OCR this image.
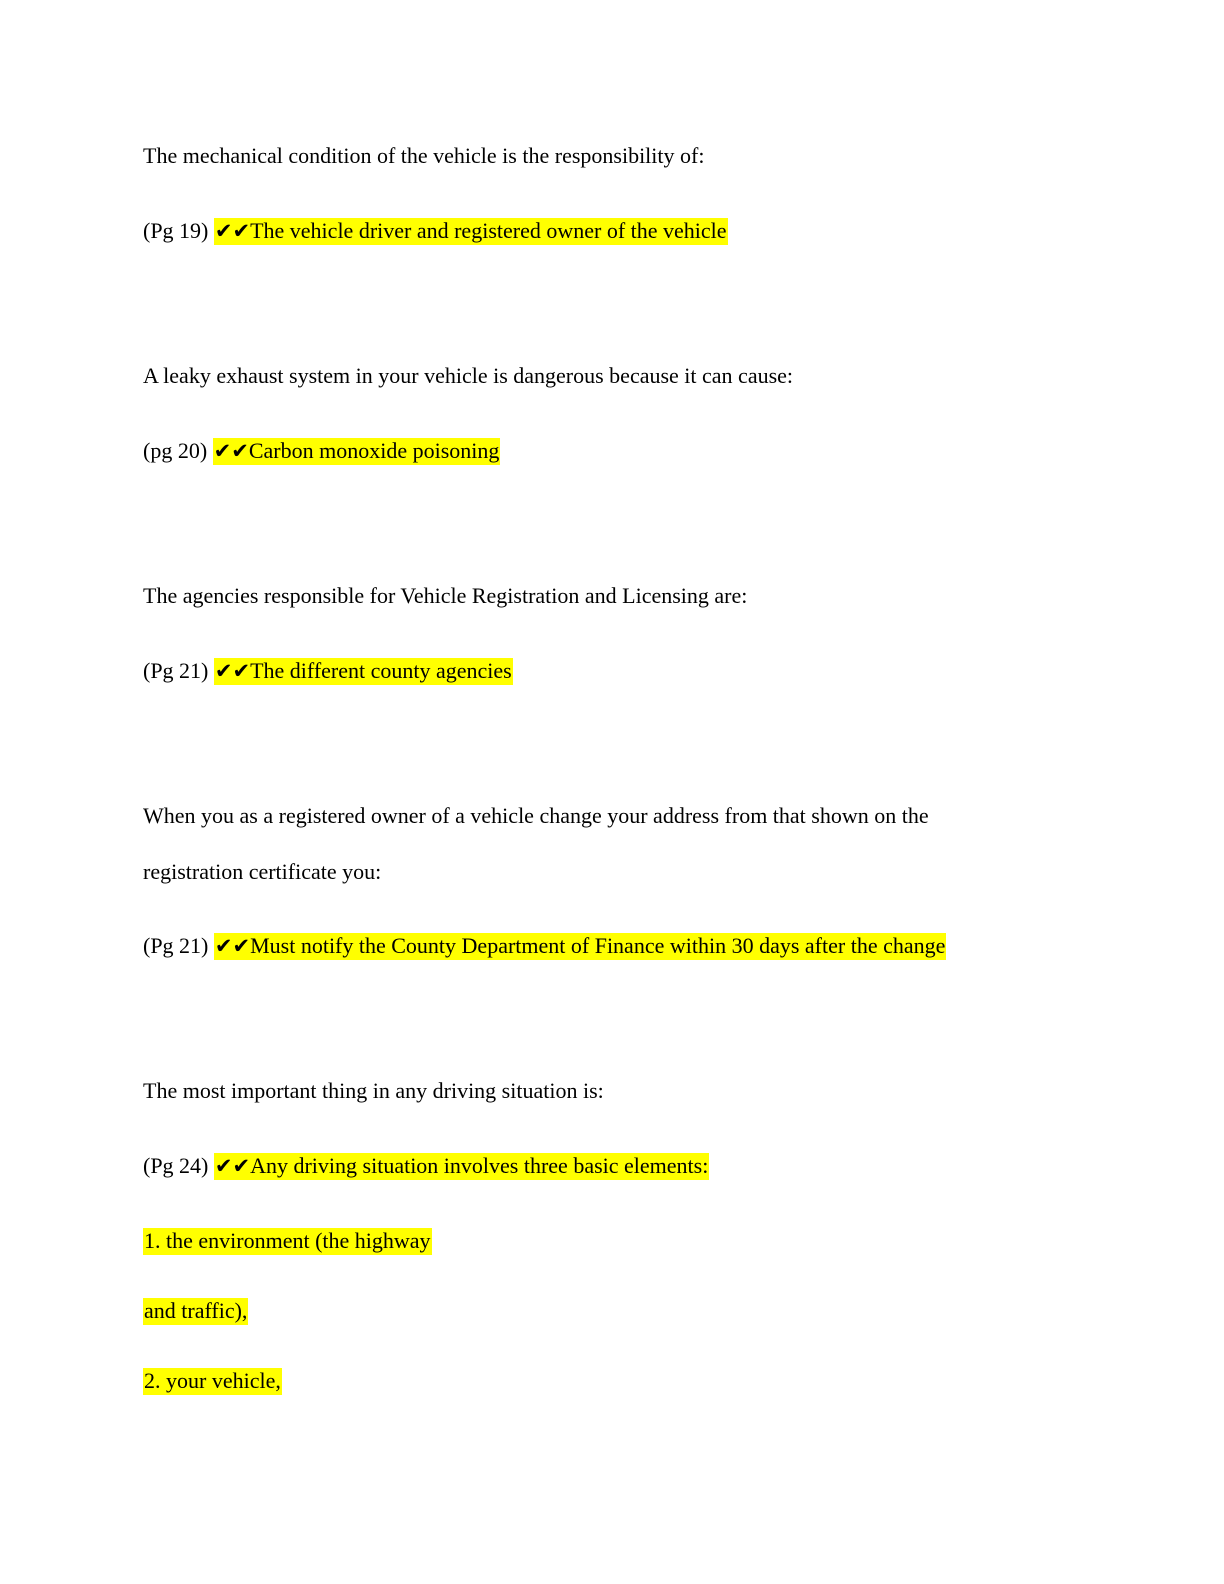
The mechanical condition of the vehicle is the responsibility of:
(Pg 19) ✔✔The vehicle driver and registered owner of the vehicle
A leaky exhaust system in your vehicle is dangerous because it can cause:
(pg 20) ✔✔Carbon monoxide poisoning
The agencies responsible for Vehicle Registration and Licensing are:
(Pg 21) ✔✔The different county agencies
When you as a registered owner of a vehicle change your address from that shown on the
registration certificate you:
(Pg 21) ✔✔Must notify the County Department of Finance within 30 days after the change
The most important thing in any driving situation is:
(Pg 24) ✔✔Any driving situation involves three basic elements:
1. the environment (the highway
and traffic),
2. your vehicle,
